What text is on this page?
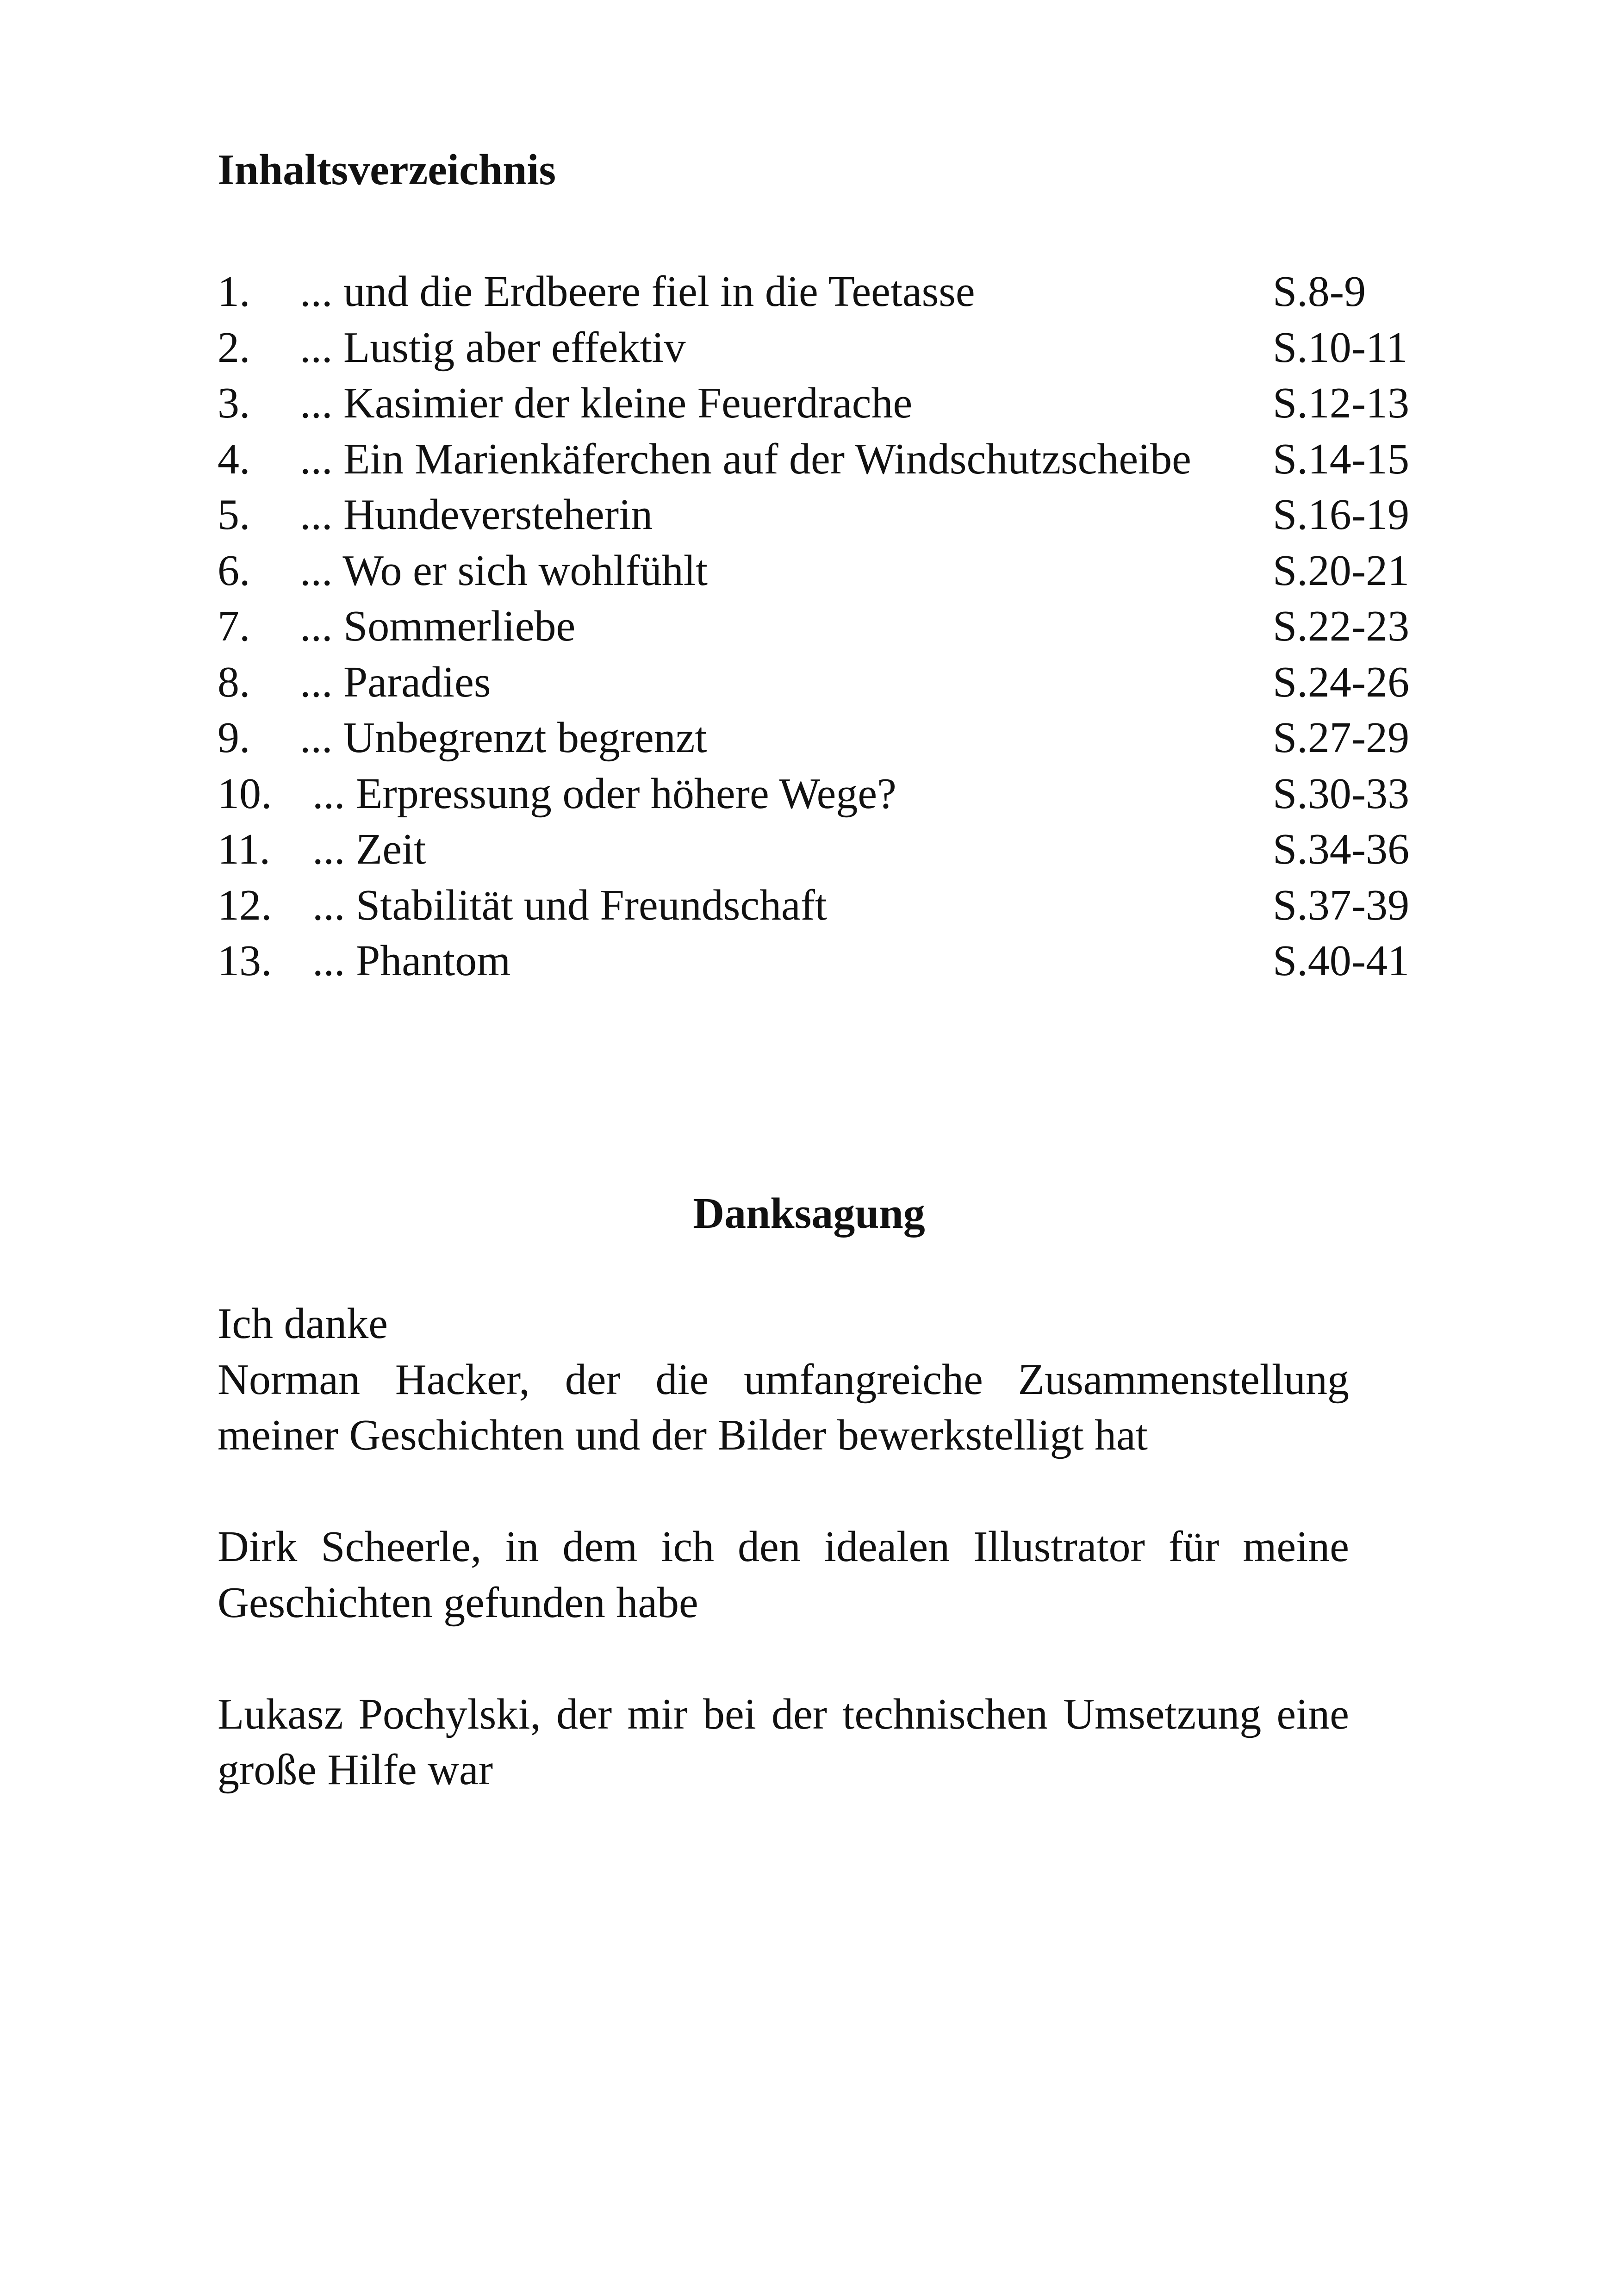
Inhaltsverzeichnis
1. ... und die Erdbeere fiel in die Teetasse	S.8-9
2. ... Lustig aber effektiv	S.10-11
3. ... Kasimier der kleine Feuerdrache	S.12-13
4. ... Ein Marienkäferchen auf der Windschutzscheibe S.14-15
5. ... Hundeversteherin	S.16-19
6. ... Wo er sich wohlfühlt	S.20-21
7. ... Sommerliebe	S.22-23
8. ... Paradies	S.24-26
9. ... Unbegrenzt begrenzt	S.27-29
10. ... Erpressung oder höhere Wege?	S.30-33
11. ... Zeit	S.34-36
12. ... Stabilität und Freundschaft	S.37-39
13. ... Phantom	S.40-41
Danksagung

Ich danke

Norman Hacker, der die umfangreiche Zusammenstellung meiner Geschichten und der Bilder bewerkstelligt hat

Dirk Scheerle, in dem ich den idealen Illustrator für meine Geschichten gefunden habe

Lukasz Pochylski, der mir bei der technischen Umsetzung eine große Hilfe war
